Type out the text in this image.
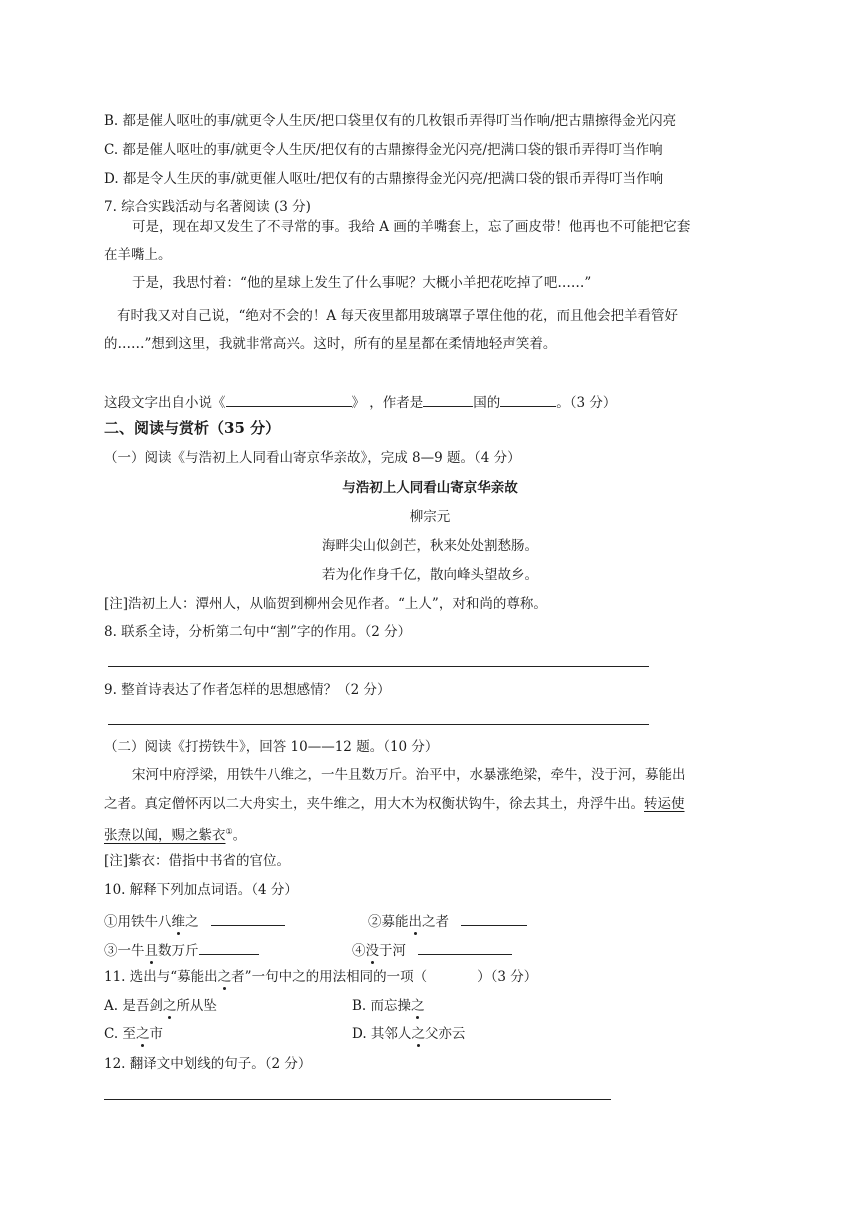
B. 都是催人呕吐的事/就更令人生厌/把口袋里仅有的几枚银币弄得叮当作响/把古鼎擦得金光闪亮
C. 都是催人呕吐的事/就更令人生厌/把仅有的古鼎擦得金光闪亮/把满口袋的银币弄得叮当作响
D. 都是令人生厌的事/就更催人呕吐/把仅有的古鼎擦得金光闪亮/把满口袋的银币弄得叮当作响
7. 综合实践活动与名著阅读 (3 分)
可是，现在却又发生了不寻常的事。我给 A 画的羊嘴套上，忘了画皮带！他再也不可能把它套
在羊嘴上。
于是，我思忖着：“他的星球上发生了什么事呢？大概小羊把花吃掉了吧……”
有时我又对自己说，“绝对不会的！A 每天夜里都用玻璃罩子罩住他的花，而且他会把羊看管好
的……”想到这里，我就非常高兴。这时，所有的星星都在柔情地轻声笑着。
这段文字出自小说《	》 ，作者是	国的	。（3 分）
二、阅读与赏析（35 分）
（一）阅读《与浩初上人同看山寄京华亲故》，完成 8—9 题。（4 分）
与浩初上人同看山寄京华亲故
柳宗元
海畔尖山似剑芒，秋来处处割愁肠。
若为化作身千亿，散向峰头望故乡。
[注]浩初上人：潭州人，从临贺到柳州会见作者。“上人”，对和尚的尊称。
8. 联系全诗，分析第二句中“割”字的作用。（2 分）
9. 整首诗表达了作者怎样的思想感情？（2 分）
（二）阅读《打捞铁牛》，回答 10——12 题。（10 分）
宋河中府浮梁，用铁牛八维之，一牛且数万斤。治平中，水暴涨绝梁，牵牛，没于河，募能出
之者。真定僧怀丙以二大舟实土，夹牛维之，用大木为权衡状钩牛，徐去其土，舟浮牛出。转运使
张焘以闻，赐之紫衣①。
[注]紫衣：借指中书省的官位。
10. 解释下列加点词语。（4 分）
①用铁牛八维之	②募能出之者
③一牛且数万斤	④没于河
11. 选出与“募能出之者”一句中之的用法相同的一项（	）（3 分）
A. 是吾剑之所从坠	B. 而忘操之
C. 至之市	D. 其邻人之父亦云
12. 翻译文中划线的句子。（2 分）
